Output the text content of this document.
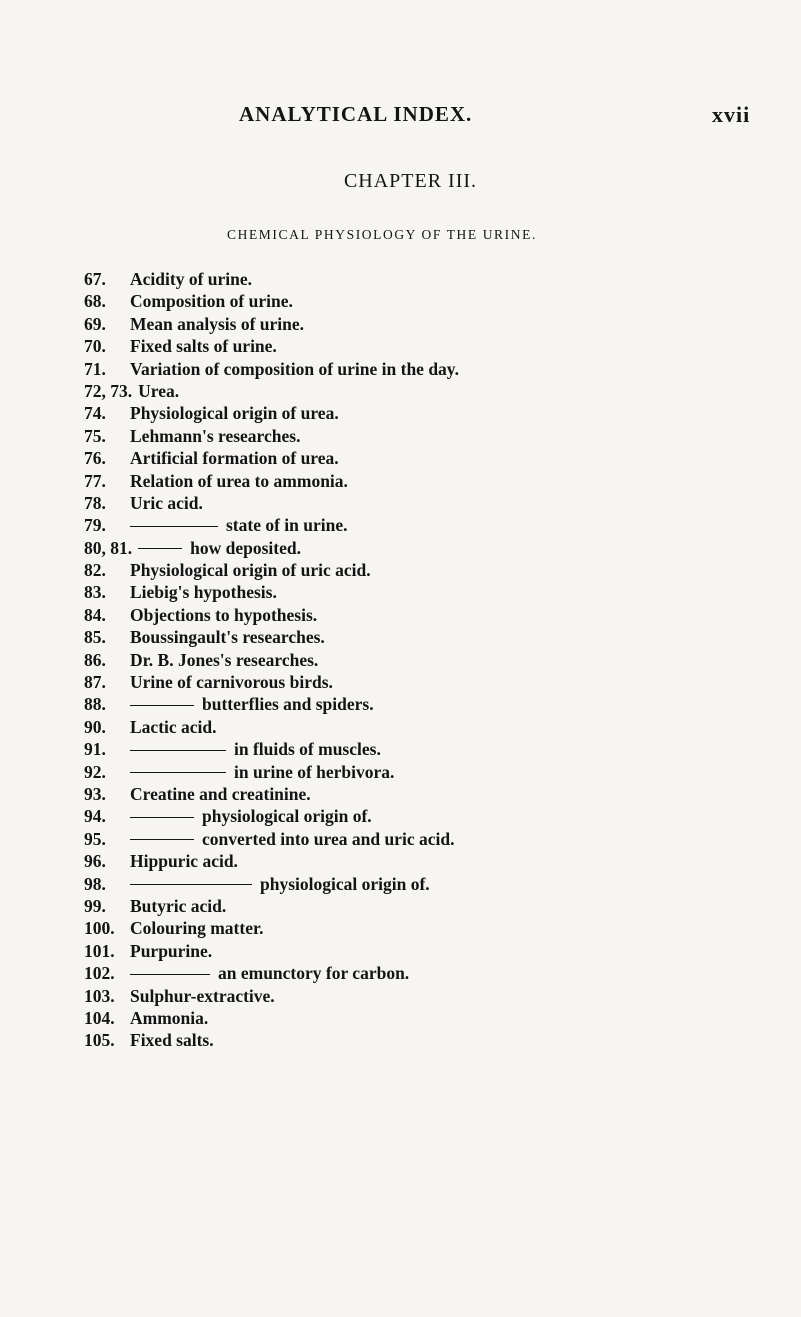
ANALYTICAL INDEX.	xvii
CHAPTER III.
CHEMICAL PHYSIOLOGY OF THE URINE.
67. Acidity of urine.
68. Composition of urine.
69. Mean analysis of urine.
70. Fixed salts of urine.
71. Variation of composition of urine in the day.
72, 73. Urea.
74. Physiological origin of urea.
75. Lehmann's researches.
76. Artificial formation of urea.
77. Relation of urea to ammonia.
78. Uric acid.
79.	state of in urine.
80, 81.	how deposited.
82. Physiological origin of uric acid.
83. Liebig's hypothesis.
84. Objections to hypothesis.
85. Boussingault's researches.
86. Dr. B. Jones's researches.
87. Urine of carnivorous birds.
88.	butterflies and spiders.
90. Lactic acid.
91.	in fluids of muscles.
92.	in urine of herbivora.
93. Creatine and creatinine.
94.	physiological origin of.
95.	converted into urea and uric acid.
96. Hippuric acid.
98.	physiological origin of.
99. Butyric acid.
100. Colouring matter.
101. Purpurine.
102.	an emunctory for carbon.
103. Sulphur-extractive.
104. Ammonia.
105. Fixed salts.
